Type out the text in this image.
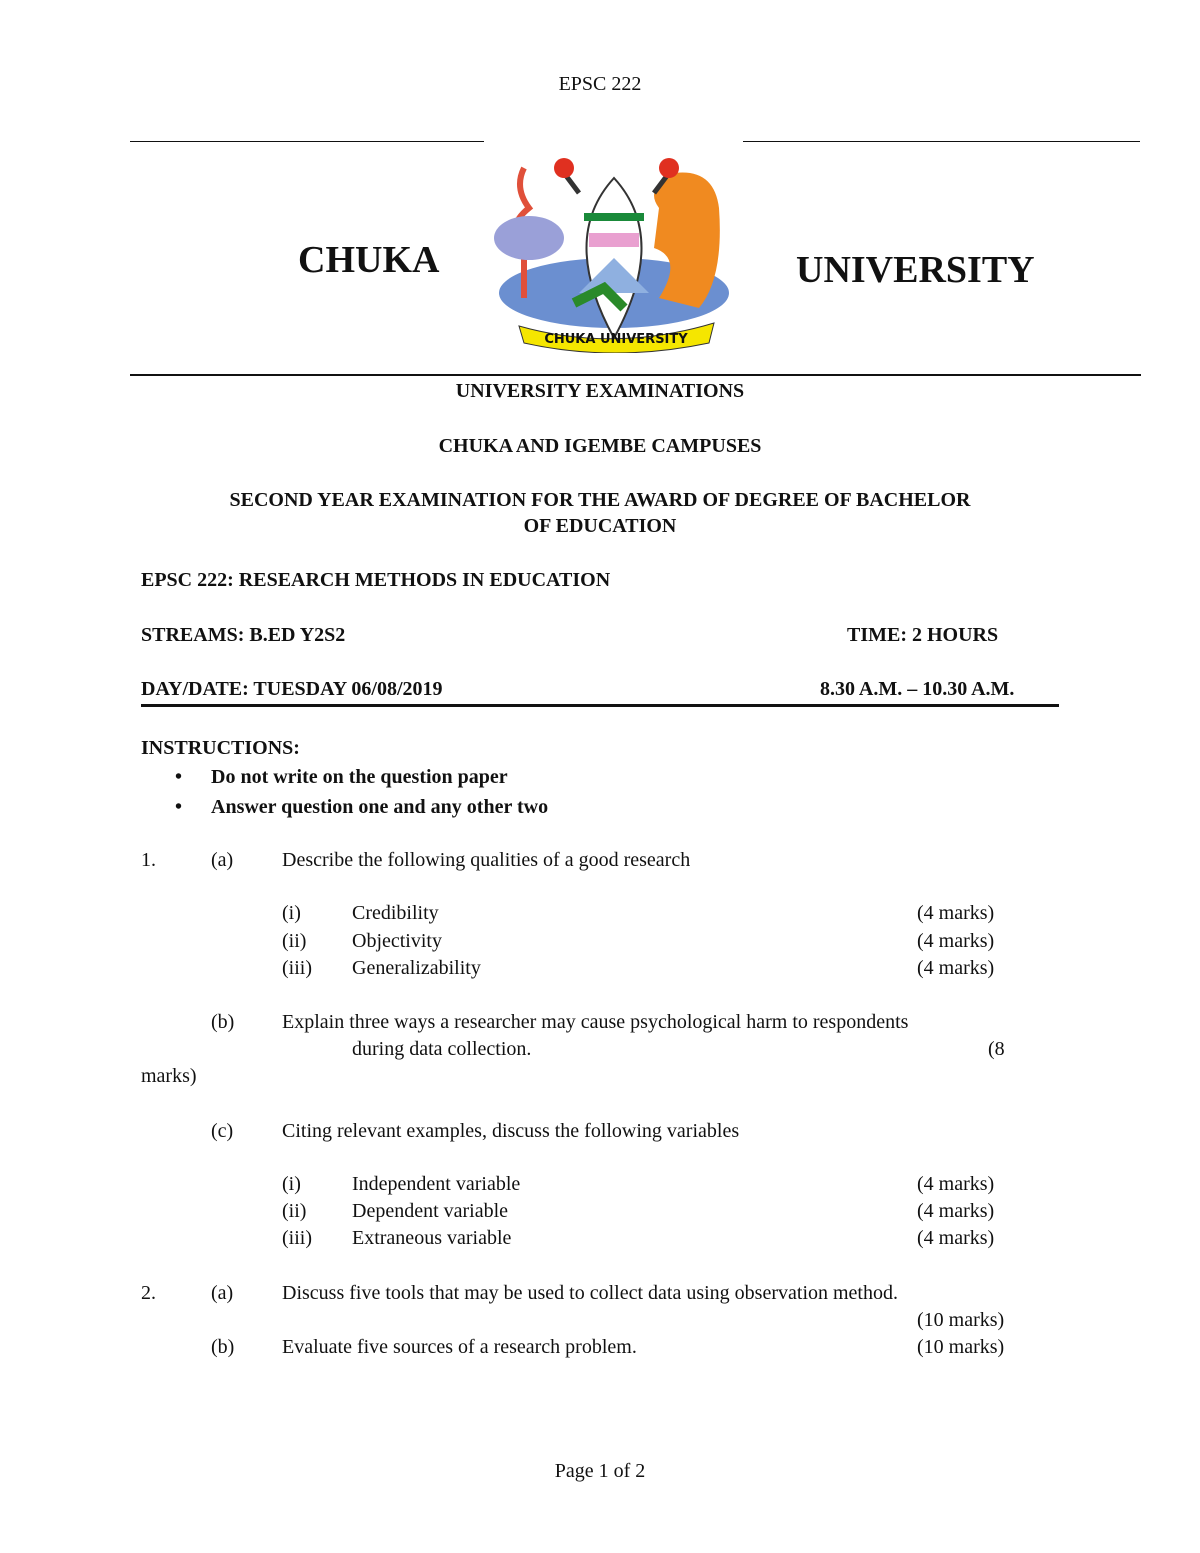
EPSC 222
CHUKA	UNIVERSITY
CHUKA UNIVERSITY
UNIVERSITY EXAMINATIONS
CHUKA AND IGEMBE CAMPUSES
SECOND YEAR EXAMINATION FOR THE AWARD OF DEGREE OF BACHELOR
OF EDUCATION
EPSC 222: RESEARCH METHODS IN EDUCATION
STREAMS: B.ED Y2S2	TIME: 2 HOURS
DAY/DATE: TUESDAY 06/08/2019	8.30 A.M. – 10.30 A.M.
INSTRUCTIONS:
• Do not write on the question paper
• Answer question one and any other two
1.	(a) Describe the following qualities of a good research
(i)	Credibility	(4 marks)
(ii) Objectivity	(4 marks)
(iii) Generalizability	(4 marks)
(b) Explain three ways a researcher may cause psychological harm to respondents
during data collection.	(8
marks)
(c) Citing relevant examples, discuss the following variables
(i)	Independent variable	(4 marks)
(ii) Dependent variable	(4 marks)
(iii) Extraneous variable	(4 marks)
2.	(a) Discuss five tools that may be used to collect data using observation method.
(10 marks)
(b) Evaluate five sources of a research problem.	(10 marks)
Page 1 of 2
